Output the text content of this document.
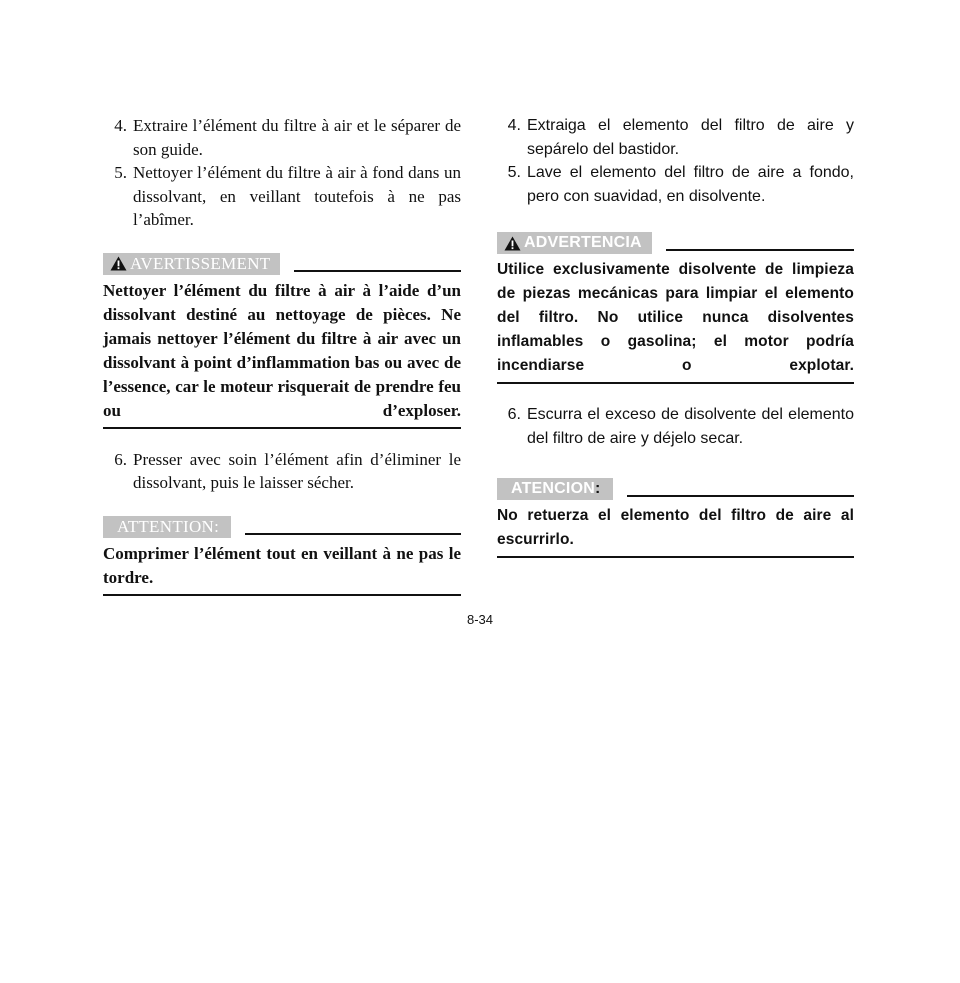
4. Extraire l’élément du filtre à air et le séparer de son guide.
5. Nettoyer l’élément du filtre à air à fond dans un dissolvant, en veillant toutefois à ne pas l’abîmer.
AVERTISSEMENT

Nettoyer l’élément du filtre à air à l’aide d’un dissolvant destiné au nettoyage de pièces. Ne jamais nettoyer l’élément du filtre à air avec un dissolvant à point d’inflammation bas ou avec de l’essence, car le moteur risquerait de prendre feu ou d’exploser.

6. Presser avec soin l’élément afin d’éliminer le dissolvant, puis le laisser sécher.
ATTENTION:

Comprimer l’élément tout en veillant à ne pas le tordre.

4. Extraiga el elemento del filtro de aire y sepárelo del bastidor.
5. Lave el elemento del filtro de aire a fondo, pero con suavidad, en disolvente.
ADVERTENCIA

Utilice exclusivamente disolvente de limpieza de piezas mecánicas para limpiar el elemento del filtro. No utilice nunca disolventes inflamables o gasolina; el motor podría incendiarse o explotar.

6. Escurra el exceso de disolvente del elemento del filtro de aire y déjelo secar.
ATENCION :

No retuerza el elemento del filtro de aire al escurrirlo.

8-34
